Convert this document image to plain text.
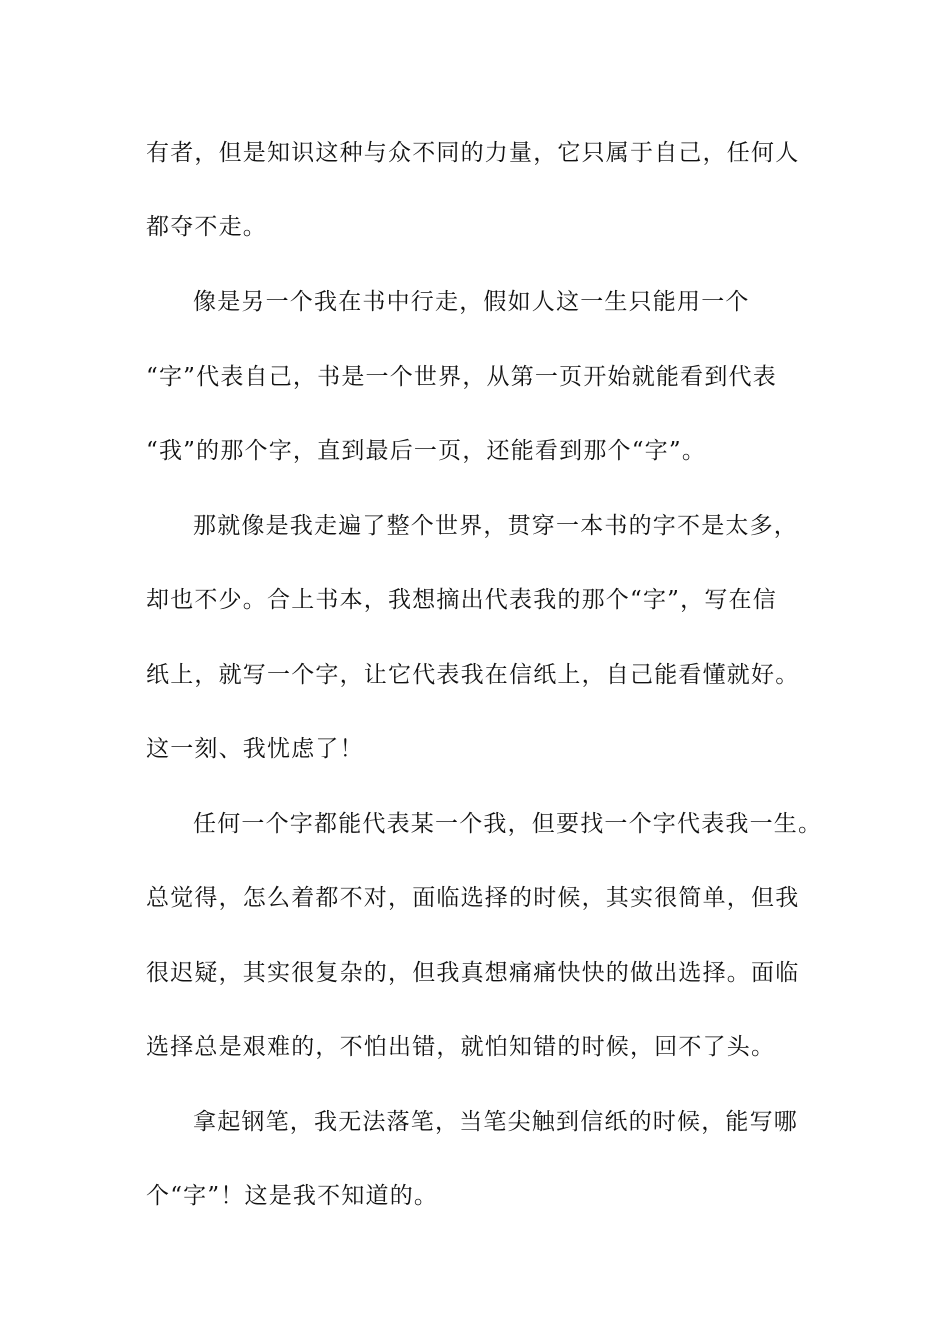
有者，但是知识这种与众不同的力量，它只属于自己，任何人

都夺不走。

像是另一个我在书中行走，假如人这一生只能用一个

“字”代表自己，书是一个世界，从第一页开始就能看到代表

“我”的那个字，直到最后一页，还能看到那个“字”。

那就像是我走遍了整个世界，贯穿一本书的字不是太多，

却也不少。合上书本，我想摘出代表我的那个“字”，写在信

纸上，就写一个字，让它代表我在信纸上，自己能看懂就好。

这一刻、我忧虑了！

任何一个字都能代表某一个我，但要找一个字代表我一生。

总觉得，怎么着都不对，面临选择的时候，其实很简单，但我

很迟疑，其实很复杂的，但我真想痛痛快快的做出选择。面临

选择总是艰难的，不怕出错，就怕知错的时候，回不了头。

拿起钢笔，我无法落笔，当笔尖触到信纸的时候，能写哪

个“字”！这是我不知道的。
